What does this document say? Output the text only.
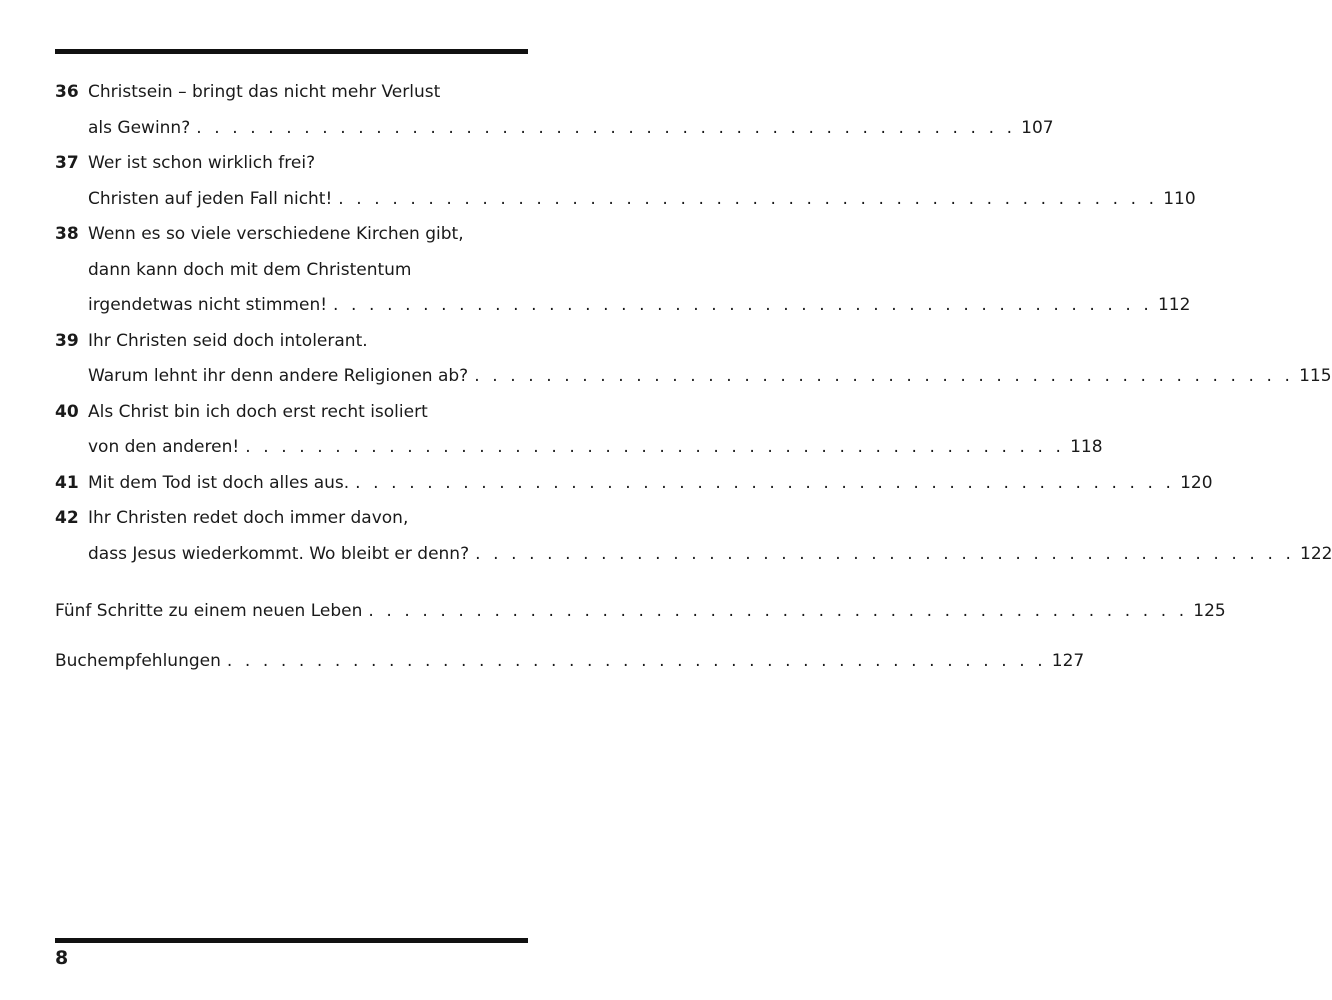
36 Christsein – bringt das nicht mehr Verlust
als Gewinn? . . . . . . . . . . . . . . . . . . . . . . . . . . . . . . . . . . . . . . . . . . . . . . 107
37 Wer ist schon wirklich frei?
Christen auf jeden Fall nicht! . . . . . . . . . . . . . . . . . . . . . . . . . . . . . . . . . . . . . . . . . . . . . . 110
38 Wenn es so viele verschiedene Kirchen gibt,
dann kann doch mit dem Christentum
irgendetwas nicht stimmen! . . . . . . . . . . . . . . . . . . . . . . . . . . . . . . . . . . . . . . . . . . . . . . 112
39 Ihr Christen seid doch intolerant.
Warum lehnt ihr denn andere Religionen ab? . . . . . . . . . . . . . . . . . . . . . . . . . . . . . . . . . . . . . . . . . . . . . . 115
40 Als Christ bin ich doch erst recht isoliert
von den anderen! . . . . . . . . . . . . . . . . . . . . . . . . . . . . . . . . . . . . . . . . . . . . . . 118
41 Mit dem Tod ist doch alles aus. . . . . . . . . . . . . . . . . . . . . . . . . . . . . . . . . . . . . . . . . . . . . . . 120
42 Ihr Christen redet doch immer davon,
dass Jesus wiederkommt. Wo bleibt er denn? . . . . . . . . . . . . . . . . . . . . . . . . . . . . . . . . . . . . . . . . . . . . . . 122
Fünf Schritte zu einem neuen Leben . . . . . . . . . . . . . . . . . . . . . . . . . . . . . . . . . . . . . . . . . . . . . . 125
Buchempfehlungen . . . . . . . . . . . . . . . . . . . . . . . . . . . . . . . . . . . . . . . . . . . . . . 127
8
